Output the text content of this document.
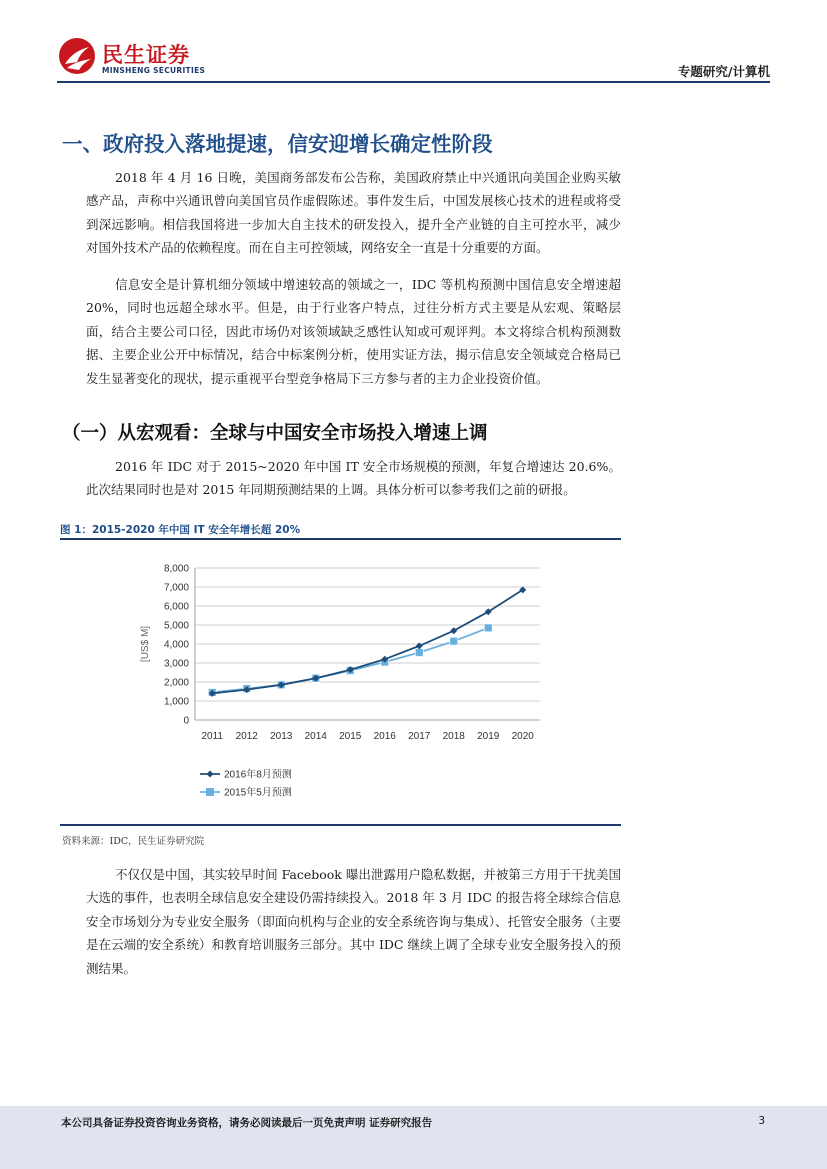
民生证券
MINSHENG SECURITIES	专题研究/计算机
一、政府投入落地提速，信安迎增长确定性阶段

2018 年 4 月 16 日晚，美国商务部发布公告称，美国政府禁止中兴通讯向美国企业购买敏感产品，声称中兴通讯曾向美国官员作虚假陈述。事件发生后，中国发展核心技术的进程或将受到深远影响。相信我国将进一步加大自主技术的研发投入，提升全产业链的自主可控水平，减少对国外技术产品的依赖程度。而在自主可控领域，网络安全一直是十分重要的方面。

信息安全是计算机细分领域中增速较高的领域之一，IDC 等机构预测中国信息安全增速超 20%，同时也远超全球水平。但是，由于行业客户特点，过往分析方式主要是从宏观、策略层面，结合主要公司口径，因此市场仍对该领域缺乏感性认知或可观评判。本文将综合机构预测数据、主要企业公开中标情况，结合中标案例分析，使用实证方法，揭示信息安全领域竞合格局已发生显著变化的现状，提示重视平台型竞争格局下三方参与者的主力企业投资价值。

（一）从宏观看：全球与中国安全市场投入增速上调

2016 年 IDC 对于 2015~2020 年中国 IT 安全市场规模的预测，年复合增速达 20.6%。此次结果同时也是对 2015 年同期预测结果的上调。具体分析可以参考我们之前的研报。

图 1：2015-2020 年中国 IT 安全年增长超 20%
0
1,000
2,000
3,000
4,000
5,000
6,000
7,000
8,000
[US$ M]
2011 2012 2013 2014 2015 2016 2017 2018 2019 2020
2016年8月预测
2015年5月预测
资料来源：IDC，民生证券研究院

不仅仅是中国，其实较早时间 Facebook 曝出泄露用户隐私数据，并被第三方用于干扰美国大选的事件，也表明全球信息安全建设仍需持续投入。2018 年 3 月 IDC 的报告将全球综合信息安全市场划分为专业安全服务（即面向机构与企业的安全系统咨询与集成）、托管安全服务（主要是在云端的安全系统）和教育培训服务三部分。其中 IDC 继续上调了全球专业安全服务投入的预测结果。

本公司具备证券投资咨询业务资格，请务必阅读最后一页免责声明 证券研究报告	3
